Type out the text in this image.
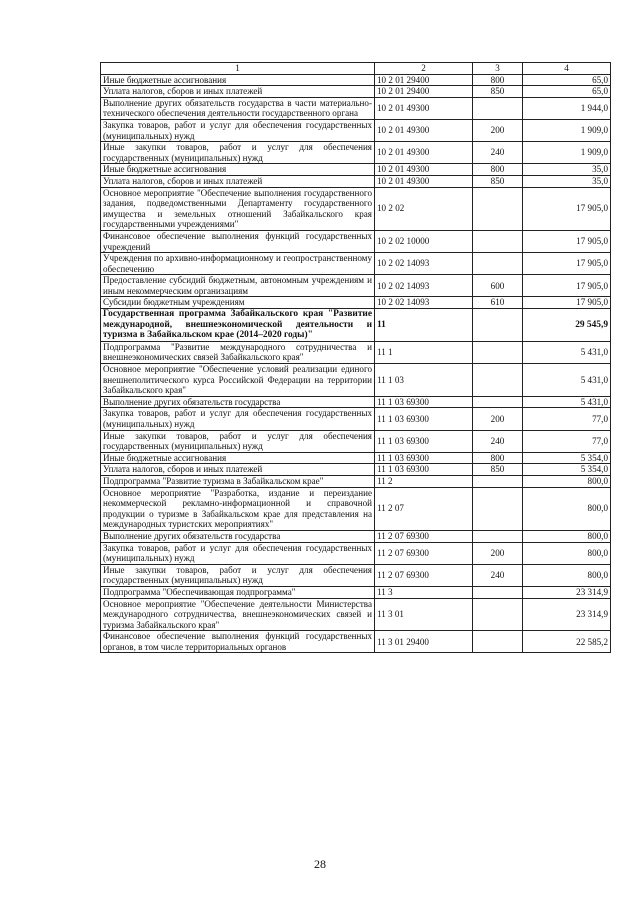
1	2	3	4
Иные бюджетные ассигнования	10 2 01 29400	800	65,0
Уплата налогов, сборов и иных платежей	10 2 01 29400	850	65,0
Выполнение других обязательств государства в части материально-технического обеспечения деятельности государственного органа	10 2 01 49300		1 944,0
Закупка товаров, работ и услуг для обеспечения государственных (муниципальных) нужд	10 2 01 49300	200	1 909,0
Иные закупки товаров, работ и услуг для обеспечения государственных (муниципальных) нужд	10 2 01 49300	240	1 909,0
Иные бюджетные ассигнования	10 2 01 49300	800	35,0
Уплата налогов, сборов и иных платежей	10 2 01 49300	850	35,0
Основное мероприятие "Обеспечение выполнения государственного задания, подведомственными Департаменту государственного имущества и земельных отношений Забайкальского края государственными учреждениями"	10 2 02		17 905,0
Финансовое обеспечение выполнения функций государственных учреждений	10 2 02 10000		17 905,0
Учреждения по архивно-информационному и геопространственному обеспечению	10 2 02 14093		17 905,0
Предоставление субсидий бюджетным, автономным учреждениям и иным некоммерческим организациям	10 2 02 14093	600	17 905,0
Субсидии бюджетным учреждениям	10 2 02 14093	610	17 905,0
Государственная программа Забайкальского края "Развитие международной, внешнеэкономической деятельности и туризма в Забайкальском крае (2014–2020 годы)"	11		29 545,9
Подпрограмма "Развитие международного сотрудничества и внешнеэкономических связей Забайкальского края"	11 1		5 431,0
Основное мероприятие "Обеспечение условий реализации единого внешнеполитического курса Российской Федерации на территории Забайкальского края"	11 1 03		5 431,0
Выполнение других обязательств государства	11 1 03 69300		5 431,0
Закупка товаров, работ и услуг для обеспечения государственных (муниципальных) нужд	11 1 03 69300	200	77,0
Иные закупки товаров, работ и услуг для обеспечения государственных (муниципальных) нужд	11 1 03 69300	240	77,0
Иные бюджетные ассигнования	11 1 03 69300	800	5 354,0
Уплата налогов, сборов и иных платежей	11 1 03 69300	850	5 354,0
Подпрограмма "Развитие туризма в Забайкальском крае"	11 2		800,0
Основное мероприятие "Разработка, издание и переиздание некоммерческой рекламно-информационной и справочной продукции о туризме в Забайкальском крае для представления на международных туристских мероприятиях"	11 2 07		800,0
Выполнение других обязательств государства	11 2 07 69300		800,0
Закупка товаров, работ и услуг для обеспечения государственных (муниципальных) нужд	11 2 07 69300	200	800,0
Иные закупки товаров, работ и услуг для обеспечения государственных (муниципальных) нужд	11 2 07 69300	240	800,0
Подпрограмма "Обеспечивающая подпрограмма"	11 3		23 314,9
Основное мероприятие "Обеспечение деятельности Министерства международного сотрудничества, внешнеэкономических связей и туризма Забайкальского края"	11 3 01		23 314,9
Финансовое обеспечение выполнения функций государственных органов, в том числе территориальных органов	11 3 01 29400		22 585,2
28
